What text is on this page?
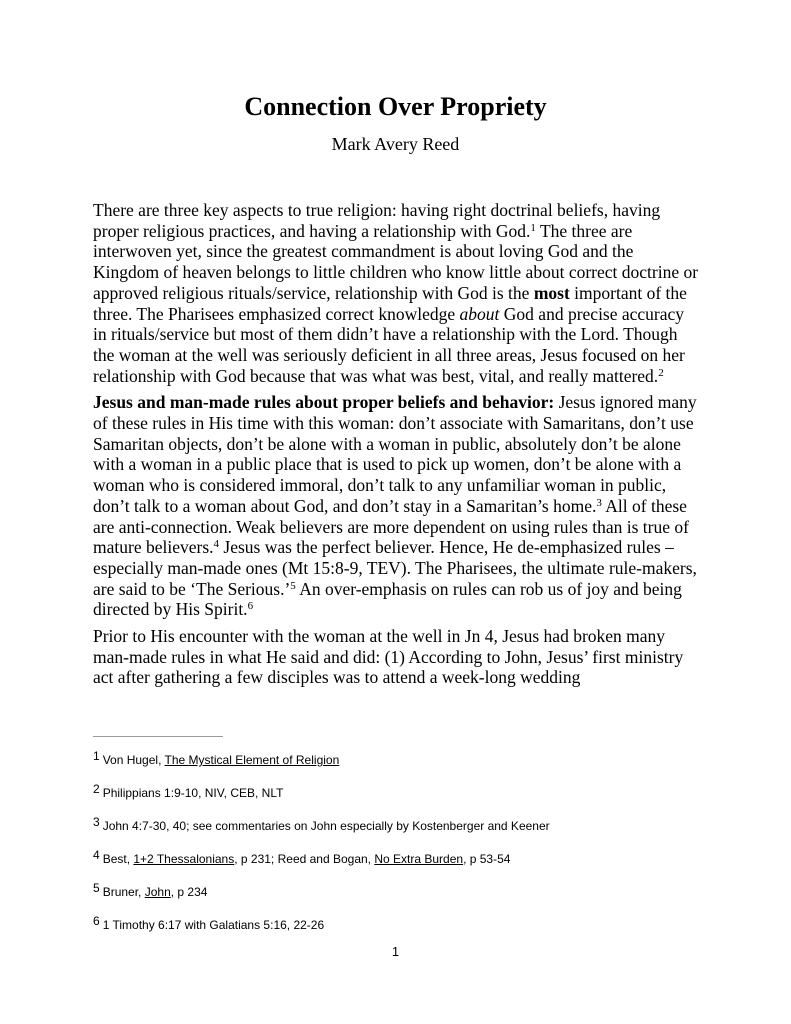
Connection Over Propriety

Mark Avery Reed

There are three key aspects to true religion: having right doctrinal beliefs, having proper religious practices, and having a relationship with God.$^1$ The three are interwoven yet, since the greatest commandment is about loving God and the Kingdom of heaven belongs to little children who know little about correct doctrine or approved religious rituals/service, relationship with God is the most important of the three. The Pharisees emphasized correct knowledge about God and precise accuracy in rituals/service but most of them didn’t have a relationship with the Lord. Though the woman at the well was seriously deficient in all three areas, Jesus focused on her relationship with God because that was what was best, vital, and really mattered.$^2$

Jesus and man-made rules about proper beliefs and behavior: Jesus ignored many of these rules in His time with this woman: don’t associate with Samaritans, don’t use Samaritan objects, don’t be alone with a woman in public, absolutely don’t be alone with a woman in a public place that is used to pick up women, don’t be alone with a woman who is considered immoral, don’t talk to any unfamiliar woman in public, don’t talk to a woman about God, and don’t stay in a Samaritan’s home.$^3$ All of these are anti-connection. Weak believers are more dependent on using rules than is true of mature believers.$^4$ Jesus was the perfect believer. Hence, He de-emphasized rules – especially man-made ones (Mt 15:8-9, TEV). The Pharisees, the ultimate rule-makers, are said to be ‘The Serious.’$^5$ An over-emphasis on rules can rob us of joy and being directed by His Spirit.$^6$

Prior to His encounter with the woman at the well in Jn 4, Jesus had broken many man-made rules in what He said and did: (1) According to John, Jesus’ first ministry act after gathering a few disciples was to attend a week-long wedding

$^1$ Von Hugel, The Mystical Element of Religion
$^2$ Philippians 1:9-10, NIV, CEB, NLT
$^3$ John 4:7-30, 40; see commentaries on John especially by Kostenberger and Keener
$^4$ Best, 1+2 Thessalonians, p 231; Reed and Bogan, No Extra Burden, p 53-54
$^5$ Bruner, John, p 234
$^6$ 1 Timothy 6:17 with Galatians 5:16, 22-26
1
